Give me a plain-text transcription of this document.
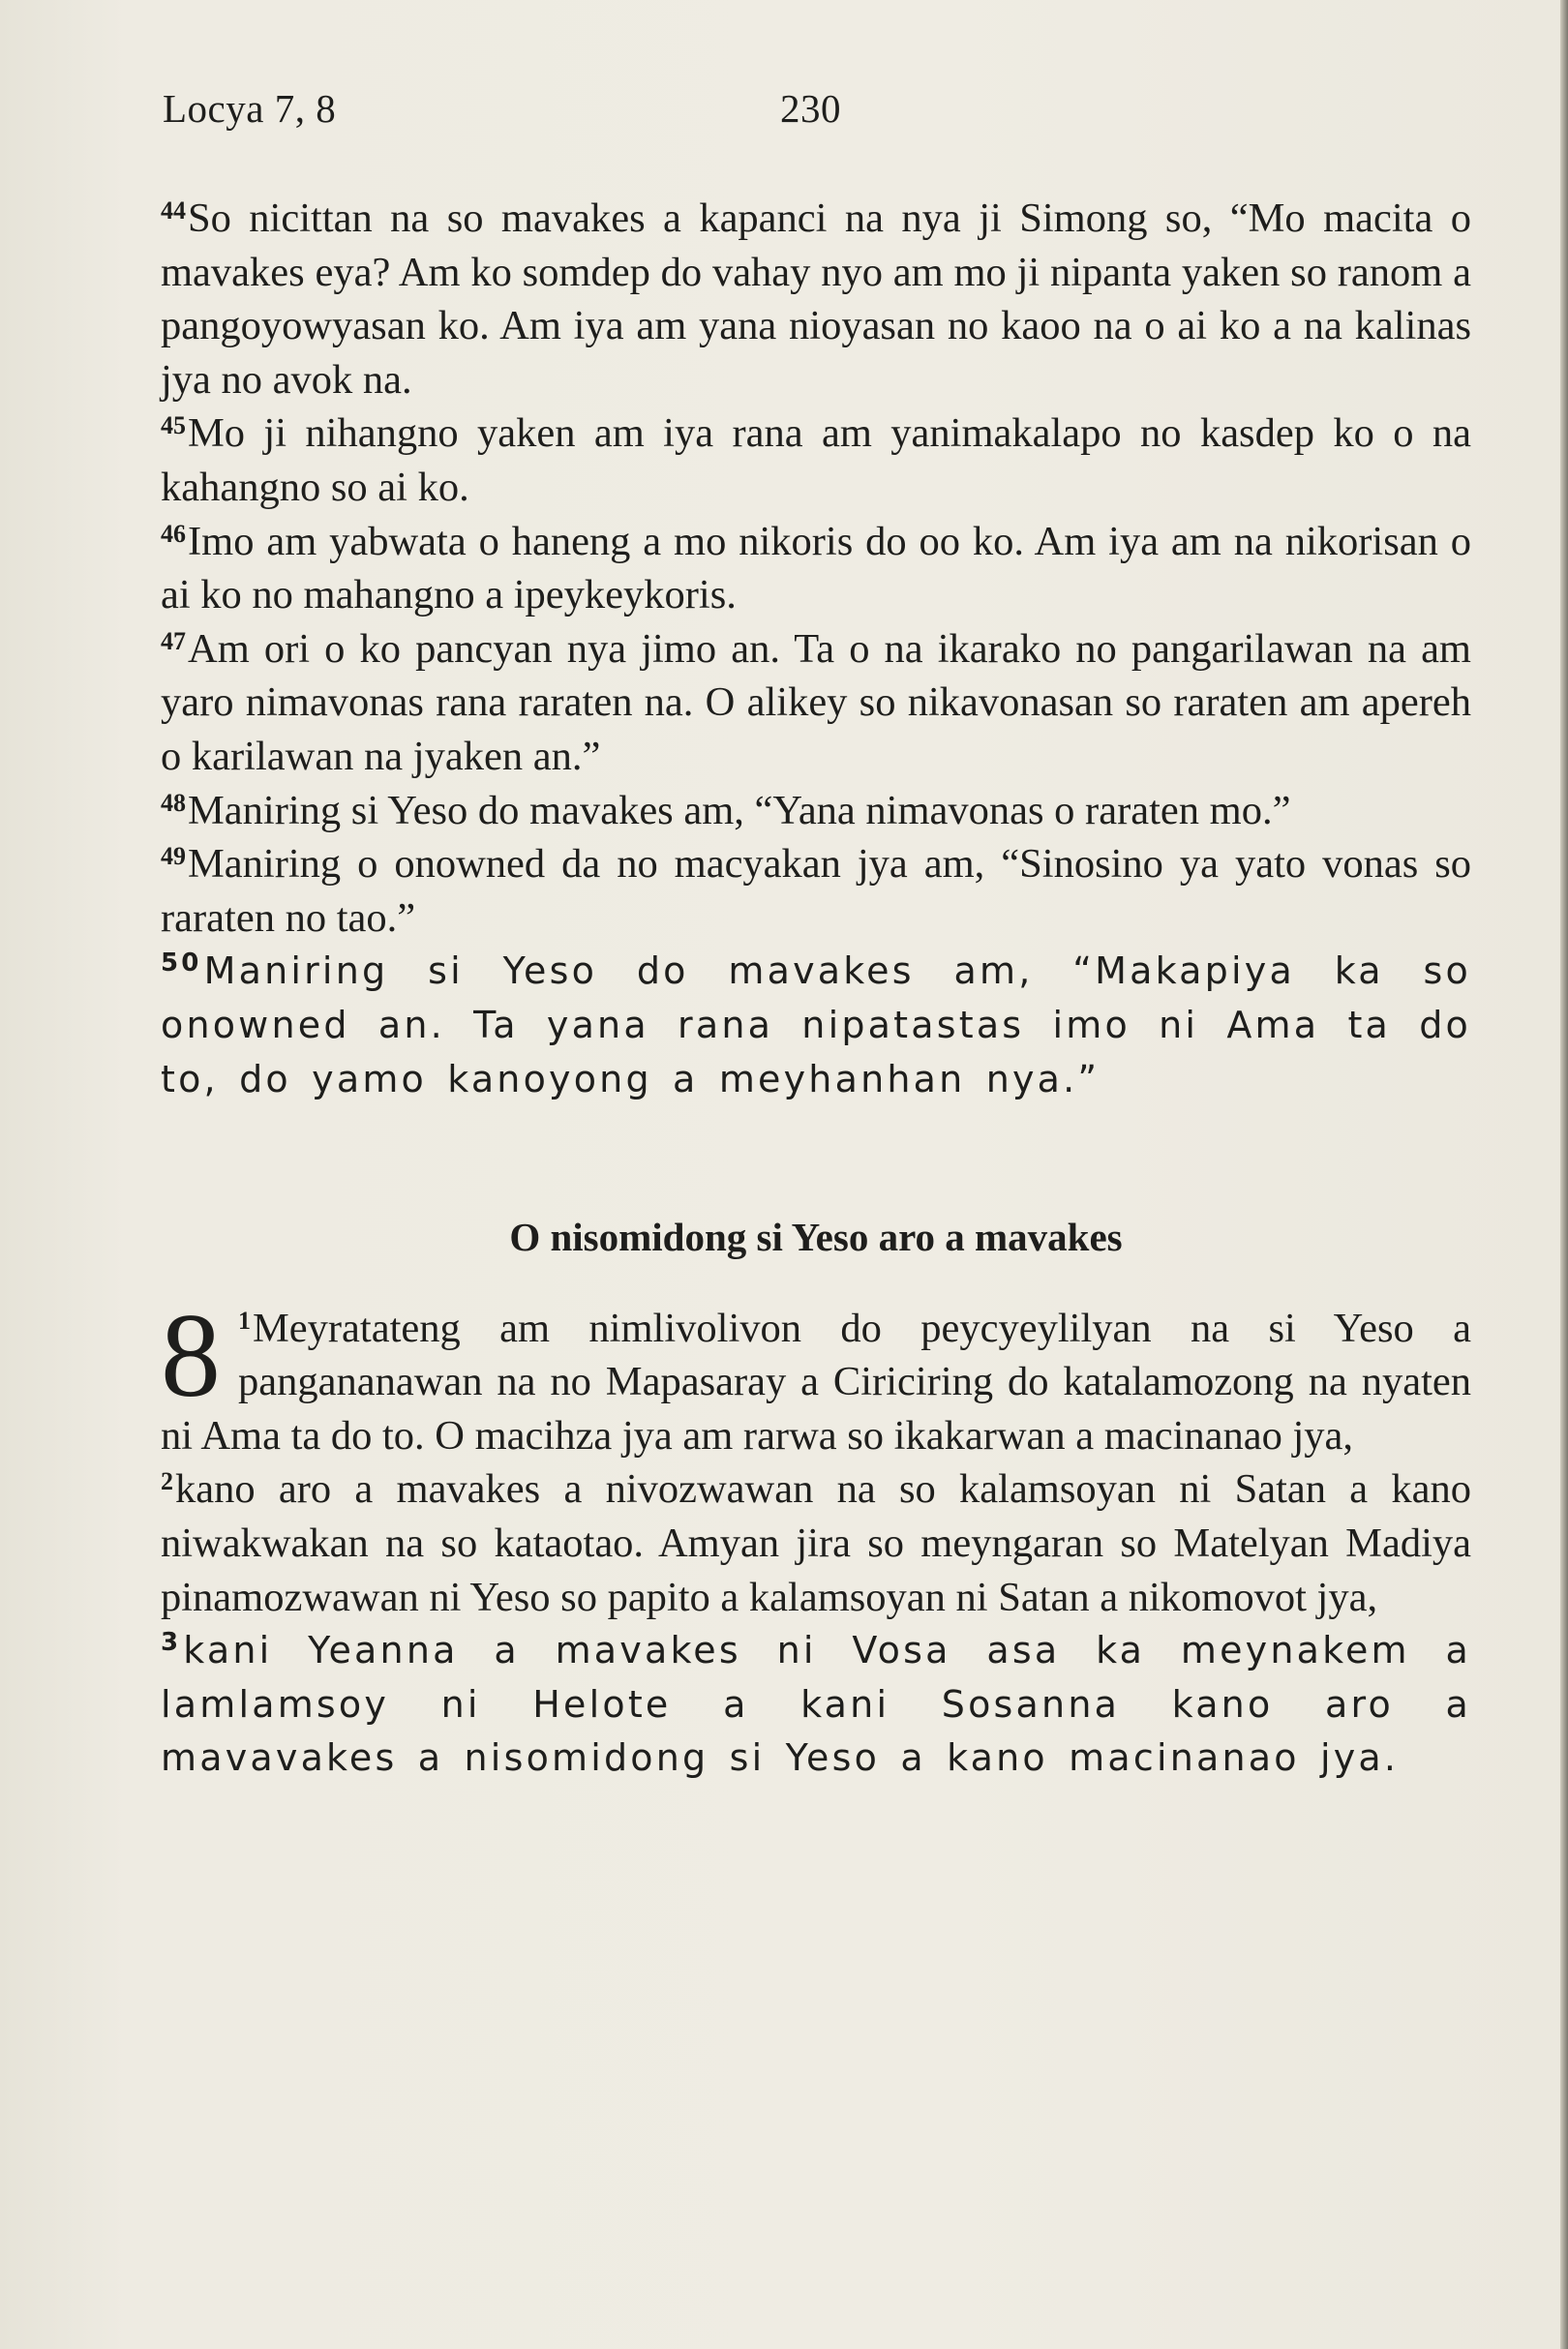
Locya 7, 8	230

$^{44}$So nicittan na so mavakes a kapanci na nya ji Simong so, “Mo macita o mavakes eya? Am ko somdep do vahay nyo am mo ji nipanta yaken so ranom a pangoyowyasan ko. Am iya am yana nioyasan no kaoo na o ai ko a na kalinas jya no avok na.

$^{45}$Mo ji nihangno yaken am iya rana am yanimakalapo no kasdep ko o na kahangno so ai ko.

$^{46}$Imo am yabwata o haneng a mo nikoris do oo ko. Am iya am na nikorisan o ai ko no mahangno a ipeykeykoris.

$^{47}$Am ori o ko pancyan nya jimo an. Ta o na ikarako no pangarilawan na am yaro nimavonas rana raraten na. O alikey so nikavonasan so raraten am apereh o karilawan na jyaken an.”

$^{48}$Maniring si Yeso do mavakes am, “Yana nimavonas o raraten mo.”

$^{49}$Maniring o onowned da no macyakan jya am, “Sinosino ya yato vonas so raraten no tao.”

$^{50}$Maniring si Yeso do mavakes am, “Makapiya ka so onowned an. Ta yana rana nipatastas imo ni Ama ta do to, do yamo kanoyong a meyhanhan nya.”

O nisomidong si Yeso aro a mavakes

8 $^1$Meyratateng am nimlivolivon do peycyeylilyan na si Yeso a pangananawan na no Mapasaray a Ciriciring do katalamozong na nyaten ni Ama ta do to. O macihza jya am rarwa so ikakarwan a macinanao jya,

$^2$kano aro a mavakes a nivozwawan na so kalamsoyan ni Satan a kano niwakwakan na so kataotao. Amyan jira so meyngaran so Matelyan Madiya pinamozwawan ni Yeso so papito a kalamsoyan ni Satan a nikomovot jya,

$^3$kani Yeanna a mavakes ni Vosa asa ka meynakem a lamlamsoy ni Helote a kani Sosanna kano aro a mavavakes a nisomidong si Yeso a kano macinanao jya.
